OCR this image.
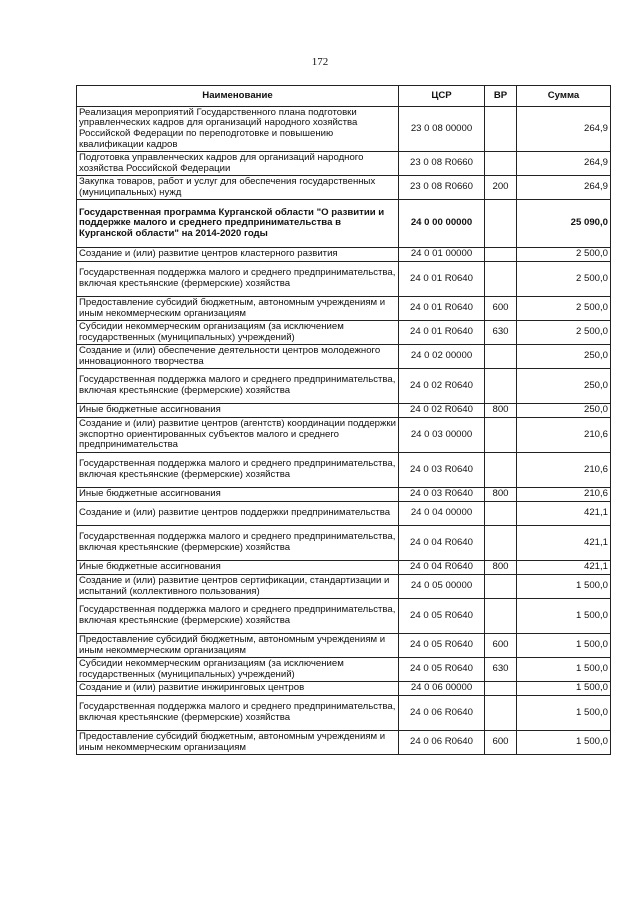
172
Наименование	ЦСР	ВР	Сумма
Реализация мероприятий Государственного плана подготовки управленческих кадров для организаций народного хозяйства Российской Федерации по переподготовке и повышению квалификации кадров	23 0 08 00000		264,9
Подготовка управленческих кадров для организаций народного хозяйства Российской Федерации	23 0 08 R0660		264,9
Закупка товаров, работ и услуг для обеспечения государственных (муниципальных) нужд	23 0 08 R0660	200	264,9
Государственная программа Курганской области "О развитии и поддержке малого и среднего предпринимательства в Курганской области" на 2014-2020 годы	24 0 00 00000		25 090,0
Создание и (или) развитие центров кластерного развития	24 0 01 00000		2 500,0
Государственная поддержка малого и среднего предпринимательства, включая крестьянские (фермерские) хозяйства	24 0 01 R0640		2 500,0
Предоставление субсидий бюджетным, автономным учреждениям и иным некоммерческим организациям	24 0 01 R0640	600	2 500,0
Субсидии некоммерческим организациям (за исключением государственных (муниципальных) учреждений)	24 0 01 R0640	630	2 500,0
Создание и (или) обеспечение деятельности центров молодежного инновационного творчества	24 0 02 00000		250,0
Государственная поддержка малого и среднего предпринимательства, включая крестьянские (фермерские) хозяйства	24 0 02 R0640		250,0
Иные бюджетные ассигнования	24 0 02 R0640	800	250,0
Создание и (или) развитие центров (агентств) координации поддержки экспортно ориентированных субъектов малого и среднего предпринимательства	24 0 03 00000		210,6
Государственная поддержка малого и среднего предпринимательства, включая крестьянские (фермерские) хозяйства	24 0 03 R0640		210,6
Иные бюджетные ассигнования	24 0 03 R0640	800	210,6
Создание и (или) развитие центров поддержки предпринимательства	24 0 04 00000		421,1
Государственная поддержка малого и среднего предпринимательства, включая крестьянские (фермерские) хозяйства	24 0 04 R0640		421,1
Иные бюджетные ассигнования	24 0 04 R0640	800	421,1
Создание и (или) развитие центров сертификации, стандартизации и испытаний (коллективного пользования)	24 0 05 00000		1 500,0
Государственная поддержка малого и среднего предпринимательства, включая крестьянские (фермерские) хозяйства	24 0 05 R0640		1 500,0
Предоставление субсидий бюджетным, автономным учреждениям и иным некоммерческим организациям	24 0 05 R0640	600	1 500,0
Субсидии некоммерческим организациям (за исключением государственных (муниципальных) учреждений)	24 0 05 R0640	630	1 500,0
Создание и (или) развитие инжиринговых центров	24 0 06 00000		1 500,0
Государственная поддержка малого и среднего предпринимательства, включая крестьянские (фермерские) хозяйства	24 0 06 R0640		1 500,0
Предоставление субсидий бюджетным, автономным учреждениям и иным некоммерческим организациям	24 0 06 R0640	600	1 500,0
